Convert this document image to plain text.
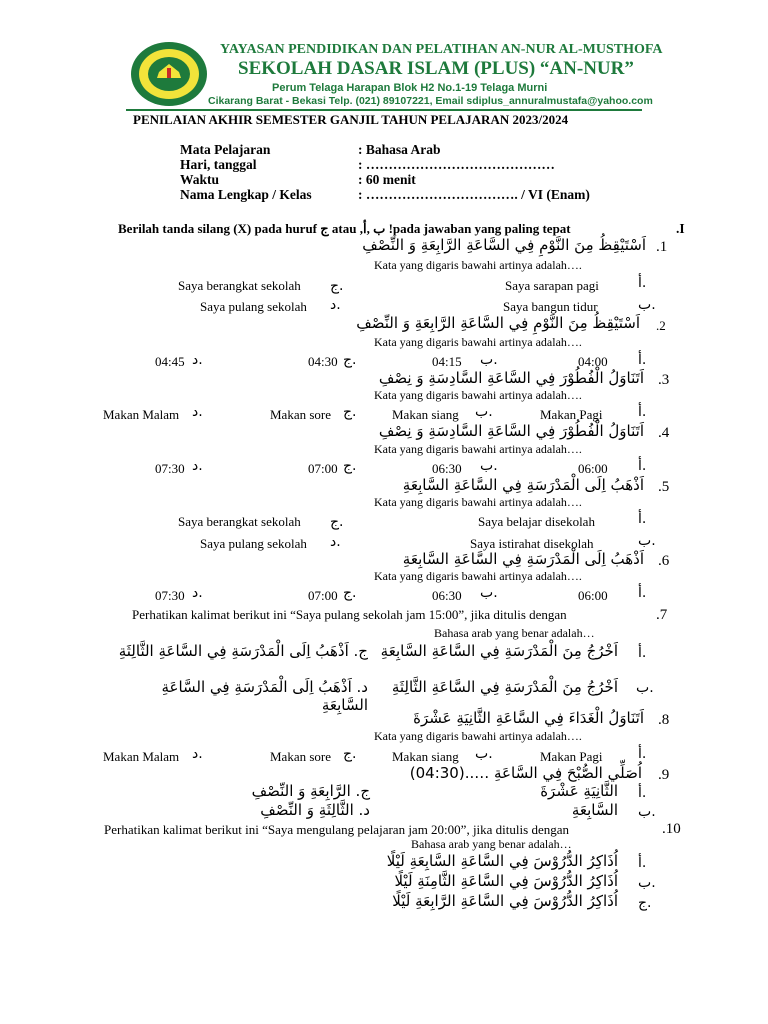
YAYASAN PENDIDIKAN DAN PELATIHAN AN-NUR AL-MUSTHOFA
SEKOLAH DASAR ISLAM (PLUS) “AN-NUR”
Perum Telaga Harapan Blok H2 No.1-19 Telaga Murni
Cikarang Barat - Bekasi Telp. (021) 89107221, Email sdiplus_annuralmustafa@yahoo.com
PENILAIAN AKHIR SEMESTER GANJIL TAHUN PELAJARAN 2023/2024
Mata Pelajaran	: Bahasa Arab
Hari, tanggal	: ……………………………………
Waktu	: 60 menit
Nama Lengkap / Kelas	: ……………………………. / VI (Enam)
Berilah tanda silang (X) pada huruf ج atau ,ب ,أ !pada jawaban yang paling tepat	.I
.1
اَسْتَيْقِظُ مِنَ النَّوْمِ فِي السَّاعَةِ الرَّابِعَةِ وَ النِّصْفِ
Kata yang digaris bawahi artinya adalah….
أ.
Saya sarapan pagi
ج.
Saya berangkat sekolah
ب.
Saya bangun tidur
د.
Saya pulang sekolah
.2
اَسْتَيْقِظُ مِنَ النَّوْمِ فِي السَّاعَةِ الرَّابِعَةِ وَ النِّصْفِ
Kata yang digaris bawahi artinya adalah….
أ.
04:00
ب.
04:15
ج.
04:30
د.
04:45
.3
اَتَنَاوَلُ الْفُطُوْرَ فِي السَّاعَةِ السَّادِسَةِ وَ نِصْفِ
Kata yang digaris bawahi artinya adalah….
أ.
Makan Pagi
ب.
Makan siang
ج.
Makan sore
د.
Makan Malam
.4
اَتَنَاوَلُ الْفُطُوْرَ فِي السَّاعَةِ السَّادِسَةِ وَ نِصْفِ
Kata yang digaris bawahi artinya adalah….
أ.
06:00
ب.
06:30
ج.
07:00
د.
07:30
.5
اَذْهَبُ اِلَى الْمَدْرَسَةِ فِي السَّاعَةِ السَّابِعَةِ
Kata yang digaris bawahi artinya adalah….
أ.
Saya belajar disekolah
ج.
Saya berangkat sekolah
ب.
Saya istirahat disekolah
د.
Saya pulang sekolah
.6
اَذْهَبُ اِلَى الْمَدْرَسَةِ فِي السَّاعَةِ السَّابِعَةِ
Kata yang digaris bawahi artinya adalah….
أ.
06:00
ب.
06:30
ج.
07:00
د.
07:30
.7
Perhatikan kalimat berikut ini “Saya pulang sekolah jam 15:00”, jika ditulis dengan
Bahasa arab yang benar adalah…
أ.
اَخْرُجُ مِنَ الْمَدْرَسَةِ فِي السَّاعَةِ السَّابِعَةِ
ج. اَذْهَبُ اِلَى الْمَدْرَسَةِ فِي السَّاعَةِ الثَّالِثَةِ
ب.
اَخْرُجُ مِنَ الْمَدْرَسَةِ فِي السَّاعَةِ الثَّالِثَةِ
د. اَذْهَبُ اِلَى الْمَدْرَسَةِ فِي السَّاعَةِ السَّابِعَةِ
.8
اَتَنَاوَلُ الْغَدَاءَ فِي السَّاعَةِ الثَّانِيَةِ عَشْرَةَ
Kata yang digaris bawahi artinya adalah….
أ.
Makan Pagi
ب.
Makan siang
ج.
Makan sore
د.
Makan Malam
.9
اُصَلِّي الصُّبْحَ فِي السَّاعَةِ …..(04:30)
أ.
الثَّانِيَةِ عَشْرَةَ
ج. الرَّابِعَةِ وَ النِّصْفِ
ب.
السَّابِعَةِ
د. الثَّالِثَةِ وَ النِّصْفِ
.10
Perhatikan kalimat berikut ini “Saya mengulang pelajaran jam 20:00”, jika ditulis dengan
Bahasa arab yang benar adalah…
أ.
اُذَاكِرُ الدُّرُوْسَ فِي السَّاعَةِ السَّابِعَةِ لَيْلًا
ب.
اُذَاكِرُ الدُّرُوْسَ فِي السَّاعَةِ الثَّامِنَةِ لَيْلًا
ج.
اُذَاكِرُ الدُّرُوْسَ فِي السَّاعَةِ الرَّابِعَةِ لَيْلًا
